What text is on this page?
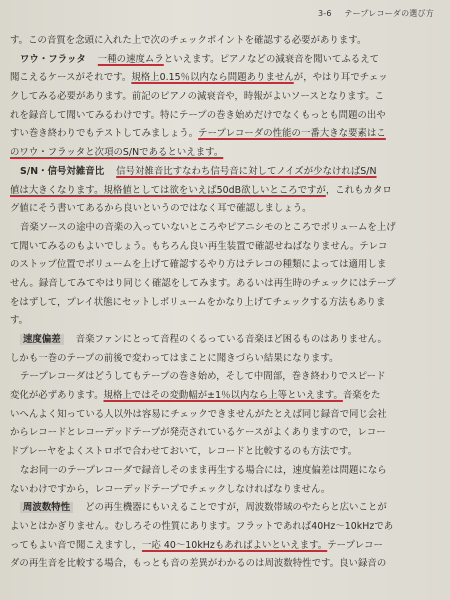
3-6 テープレコーダの選び方
す。この音質を念頭に入れた上で次のチェックポイントを確認する必要があります。
ワウ・フラッタ 一種の速度ムラといえます。ピアノなどの減衰音を聞いてふるえて
聞こえるケースがそれです。規格上0.15％以内なら問題ありませんが，やはり耳でチェッ
クしてみる必要があります。前記のピアノの減衰音や，時報がよいソースとなります。こ
れを録音して聞いてみるわけです。特にテープの巻き始めだけでなくもっとも問題の出や
すい巻き終わりでもテストしてみましょう。テープレコーダの性能の一番大きな要素はこ
のワウ・フラッタと次項のS/Nであるといえます。
S/N・信号対雑音比 信号対雑音比すなわち信号音に対してノイズが少なければS/N
値は大きくなります。規格値としては欲をいえば50dB欲しいところですが，これもカタロ
グ値にそう書いてあるから良いというのではなく耳で確認しましょう。
音楽ソースの途中の音楽の入っていないところやピアニシモのところでボリュームを上げ
て聞いてみるのもよいでしょう。もちろん良い再生装置で確認せねばなりません。テレコ
のストップ位置でボリュームを上げて確認するやり方はテレコの種類によっては適用しま
せん。録音してみてやはり同じく確認をしてみます。あるいは再生時のチェックにはテープ
をはずして，プレイ状態にセットしボリュームをかなり上げてチェックする方法もありま
す。
速度偏差 音楽ファンにとって音程のくるっている音楽ほど困るものはありません。
しかも一巻のテープの前後で変わってはまことに聞きづらい結果になります。
テープレコーダはどうしてもテープの巻き始め，そして中間部，巻き終わりでスピード
変化が必ずあります。規格上ではその変動幅が±1％以内なら上等といえます。音楽をた
いへんよく知っている人以外は容易にチェックできませんがたとえば同じ録音で同じ会社
からレコードとレコーデッドテープが発売されているケースがよくありますので，レコー
ドプレーヤをよくストロボで合わせておいて，レコードと比較するのも方法です。
なお同一のテープレコーダで録音しそのまま再生する場合には，速度偏差は問題になら
ないわけですから，レコーデッドテープでチェックしなければなりません。
周波数特性 どの再生機器にもいえることですが，周波数帯域のやたらと広いことが
よいとはかぎりません。むしろその性質にあります。フラットであれば40Hz～10kHzであ
ってもよい音で聞こえますし，一応 40～10kHzもあればよいといえます。テープレコー
ダの再生音を比較する場合，もっとも音の差異がわかるのは周波数特性です。良い録音の
